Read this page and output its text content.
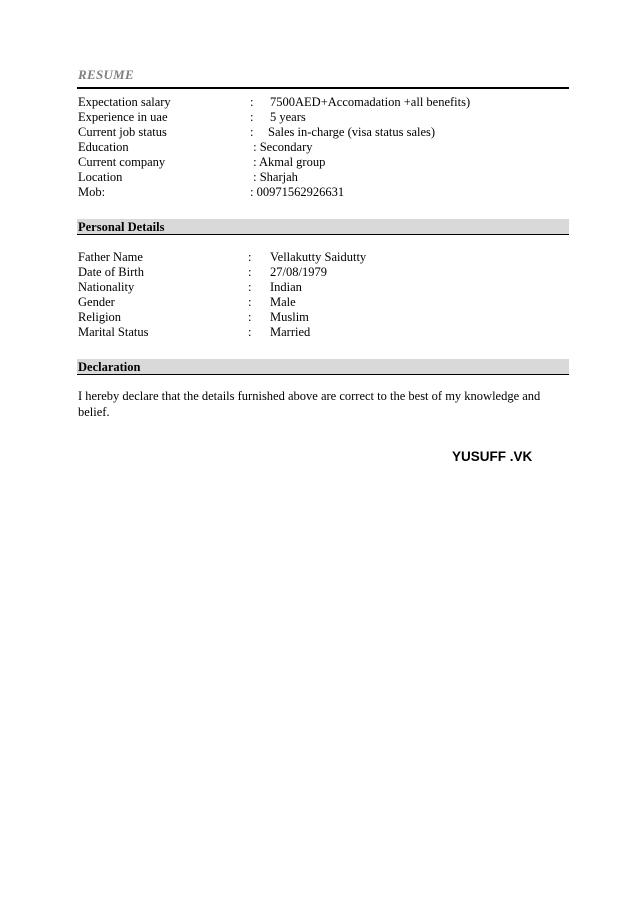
RESUME
Expectation salary	: 7500AED+Accomadation +all benefits)
Experience in uae	: 5 years
Current job status	: Sales in-charge (visa status sales)
Education	: Secondary
Current company	: Akmal group
Location	: Sharjah
Mob:	: 00971562926631
Personal Details
Father Name	: Vellakutty Saidutty
Date of Birth	: 27/08/1979
Nationality	: Indian
Gender	: Male
Religion	: Muslim
Marital Status	: Married
Declaration
I hereby declare that the details furnished above are correct to the best of my knowledge and belief.
YUSUFF .VK
